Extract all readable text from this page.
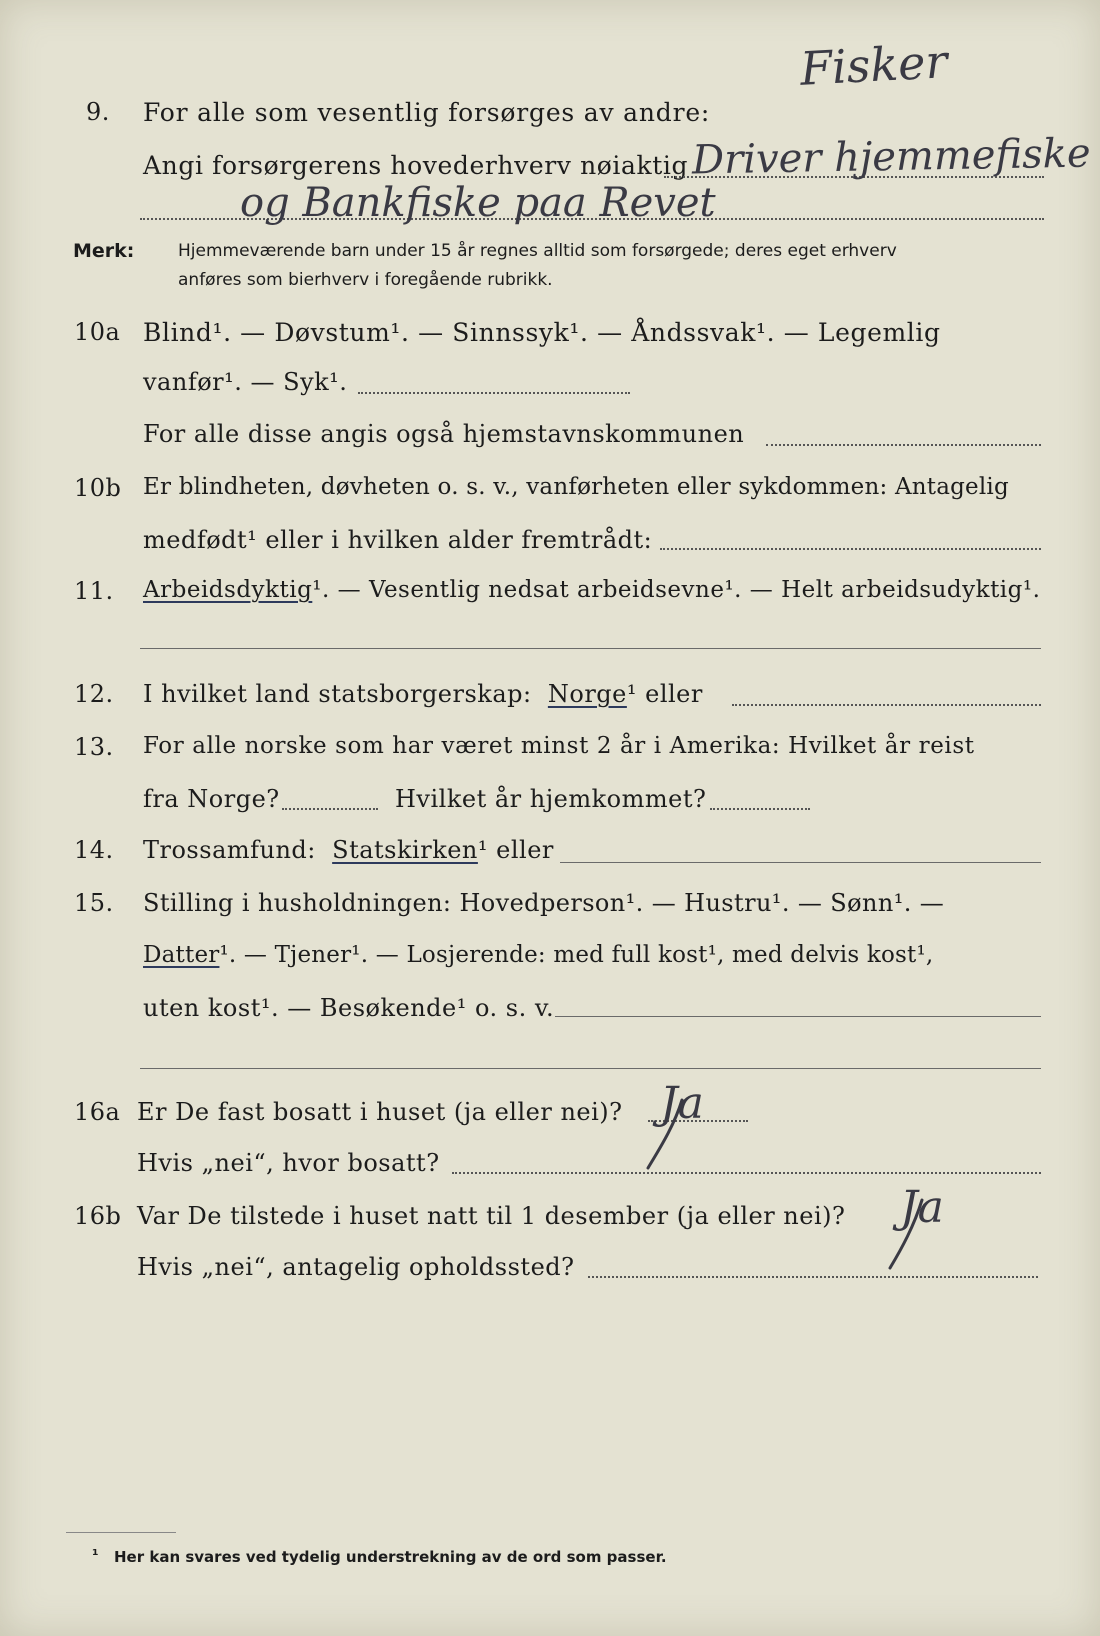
Fisker
9. For alle som vesentlig forsørges av andre:
Angi forsørgerens hovederhverv nøiaktig Driver hjemmefiske
og Bankfiske paa Revet
Merk:	Hjemmeværende barn under 15 år regnes alltid som forsørgede; deres eget erhverv
anføres som bierhverv i foregående rubrikk.
10a Blind¹. — Døvstum¹. — Sinnssyk¹. — Åndssvak¹. — Legemlig
vanfør¹. — Syk¹.
For alle disse angis også hjemstavnskommunen
10b Er blindheten, døvheten o. s. v., vanførheten eller sykdommen: Antagelig
medfødt¹ eller i hvilken alder fremtrådt:
11. Arbeidsdyktig¹. — Vesentlig nedsat arbeidsevne¹. — Helt arbeidsudyktig¹.
12. I hvilket land statsborgerskap: Norge¹ eller
13. For alle norske som har været minst 2 år i Amerika: Hvilket år reist
fra Norge?	Hvilket år hjemkommet?
14. Trossamfund: Statskirken¹ eller
15. Stilling i husholdningen: Hovedperson¹. — Hustru¹. — Sønn¹. —
Datter¹. — Tjener¹. — Losjerende: med full kost¹, med delvis kost¹,
uten kost¹. — Besøkende¹ o. s. v.
16a Er De fast bosatt i huset (ja eller nei)? Ja
Hvis „nei“, hvor bosatt?
16b Var De tilstede i huset natt til 1 desember (ja eller nei)? Ja
Hvis „nei“, antagelig opholdssted?
¹ Her kan svares ved tydelig understrekning av de ord som passer.
